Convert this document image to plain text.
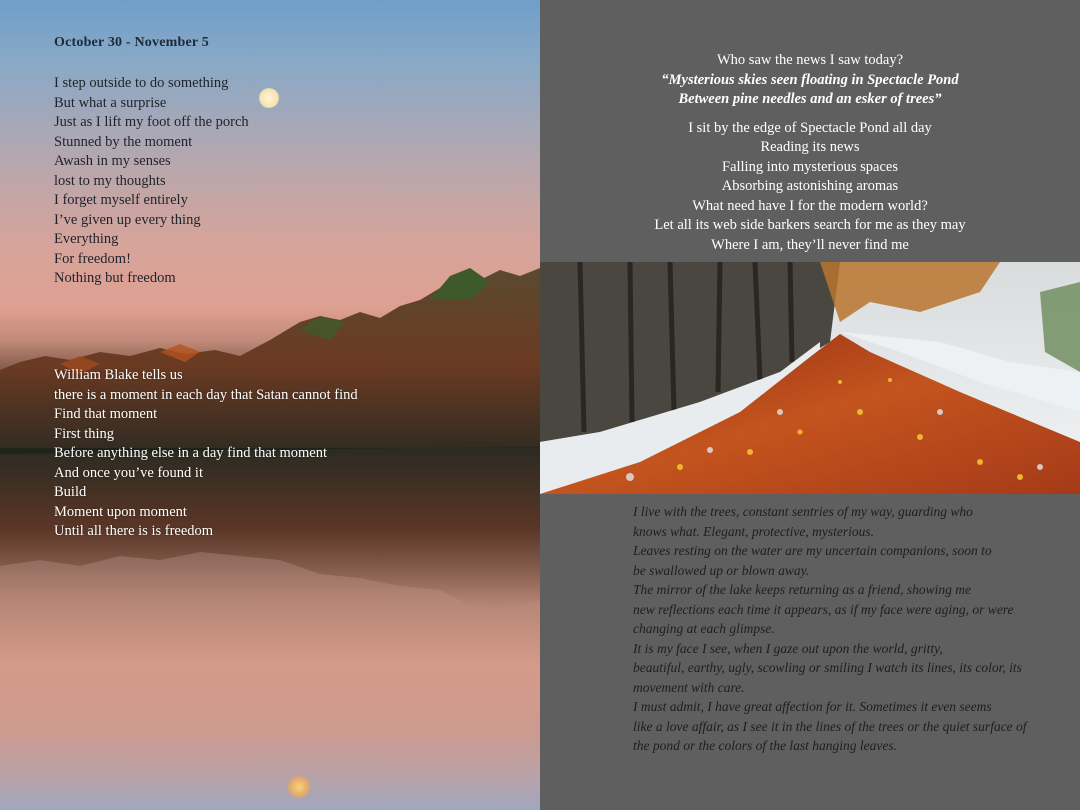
October 30 - November 5
I step outside to do something
But what a surprise
Just as I lift my foot off the porch
Stunned by the moment
Awash in my senses
lost to my thoughts
I forget myself entirely
I’ve given up every thing
Everything
For freedom!
Nothing but freedom
William Blake tells us
there is a moment in each day that Satan cannot find
Find that moment
First thing
Before anything else in a day find that moment
And once you’ve found it
Build
Moment upon moment
Until all there is is freedom
Who saw the news I saw today?
“Mysterious skies seen floating in Spectacle Pond
Between pine needles and an esker of trees”
I sit by the edge of Spectacle Pond all day
Reading its news
Falling into mysterious spaces
Absorbing astonishing aromas
What need have I for the modern world?
Let all its web side barkers search for me as they may
Where I am, they’ll never find me

I live with the trees, constant sentries of my way, guarding who
knows what. Elegant, protective, mysterious.

Leaves resting on the water are my uncertain companions, soon to
be swallowed up or blown away.

The mirror of the lake keeps returning as a friend, showing me
new reflections each time it appears, as if my face were aging, or were
changing at each glimpse.

It is my face I see, when I gaze out upon the world, gritty,
beautiful, earthy, ugly, scowling or smiling I watch its lines, its color, its
movement with care.

I must admit, I have great affection for it. Sometimes it even seems
like a love affair, as I see it in the lines of the trees or the quiet surface of
the pond or the colors of the last hanging leaves.
